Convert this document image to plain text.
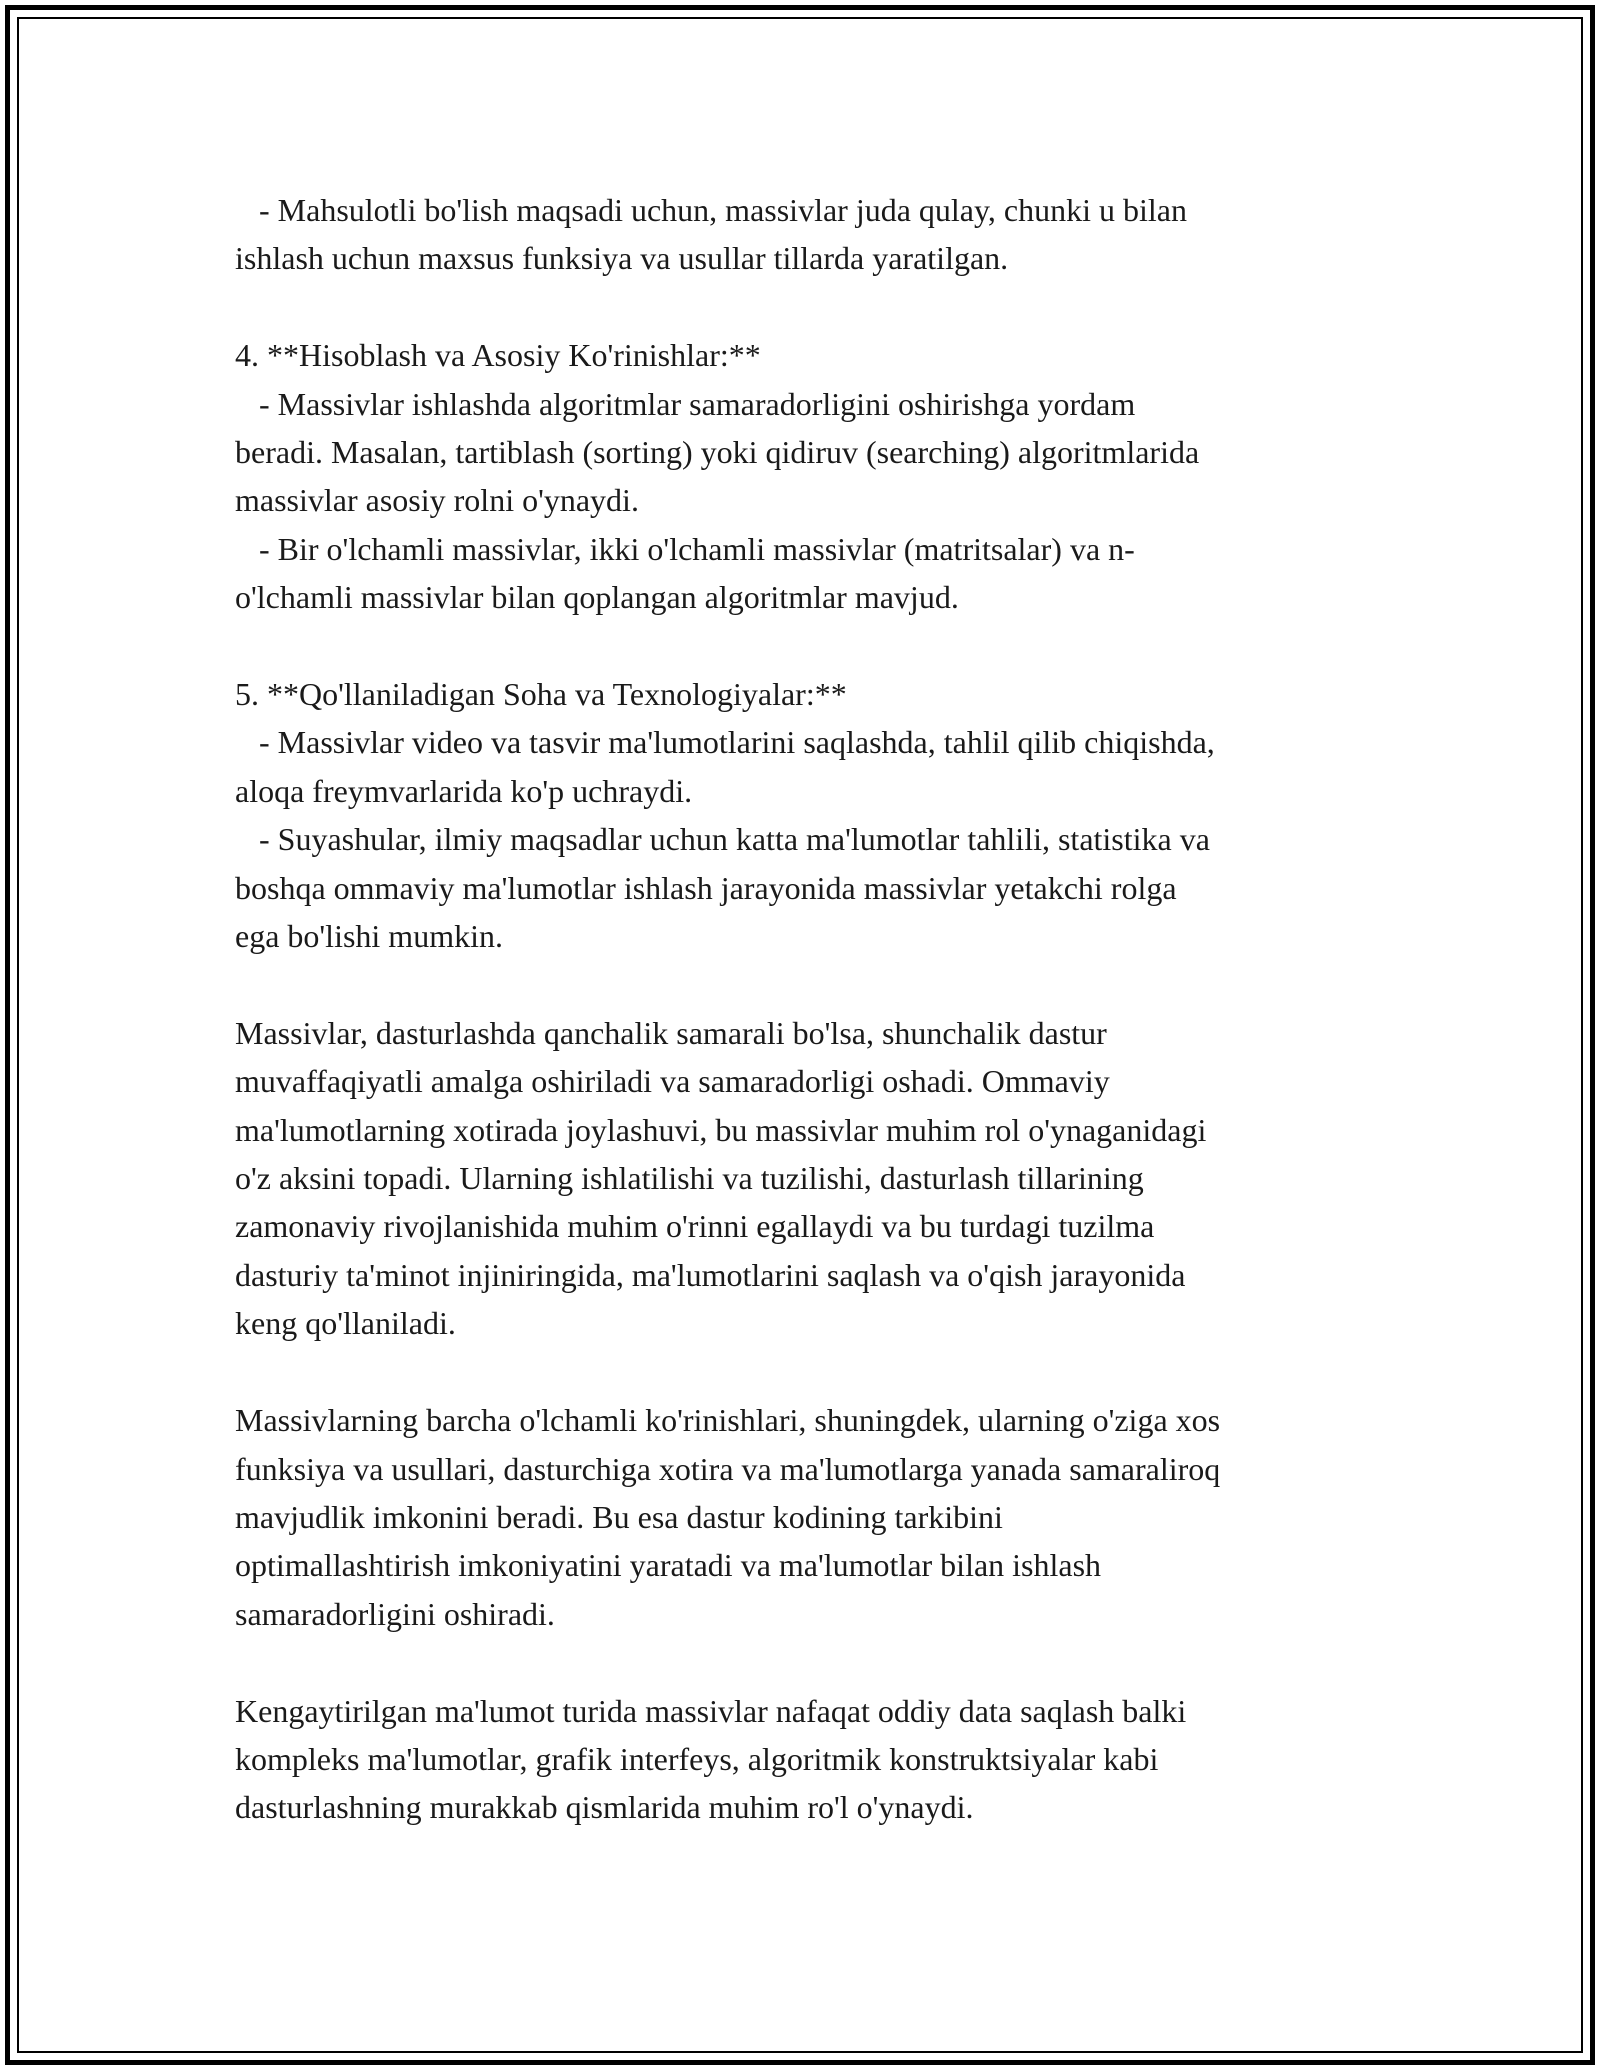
- Mahsulotli bo'lish maqsadi uchun, massivlar juda qulay, chunki u bilan
ishlash uchun maxsus funksiya va usullar tillarda yaratilgan.
4. **Hisoblash va Asosiy Ko'rinishlar:**
- Massivlar ishlashda algoritmlar samaradorligini oshirishga yordam
beradi. Masalan, tartiblash (sorting) yoki qidiruv (searching) algoritmlarida
massivlar asosiy rolni o'ynaydi.
- Bir o'lchamli massivlar, ikki o'lchamli massivlar (matritsalar) va n-
o'lchamli massivlar bilan qoplangan algoritmlar mavjud.
5. **Qo'llaniladigan Soha va Texnologiyalar:**
- Massivlar video va tasvir ma'lumotlarini saqlashda, tahlil qilib chiqishda,
aloqa freymvarlarida ko'p uchraydi.
- Suyashular, ilmiy maqsadlar uchun katta ma'lumotlar tahlili, statistika va
boshqa ommaviy ma'lumotlar ishlash jarayonida massivlar yetakchi rolga
ega bo'lishi mumkin.
Massivlar, dasturlashda qanchalik samarali bo'lsa, shunchalik dastur
muvaffaqiyatli amalga oshiriladi va samaradorligi oshadi. Ommaviy
ma'lumotlarning xotirada joylashuvi, bu massivlar muhim rol o'ynaganidagi
o'z aksini topadi. Ularning ishlatilishi va tuzilishi, dasturlash tillarining
zamonaviy rivojlanishida muhim o'rinni egallaydi va bu turdagi tuzilma
dasturiy ta'minot injiniringida, ma'lumotlarini saqlash va o'qish jarayonida
keng qo'llaniladi.
Massivlarning barcha o'lchamli ko'rinishlari, shuningdek, ularning o'ziga xos
funksiya va usullari, dasturchiga xotira va ma'lumotlarga yanada samaraliroq
mavjudlik imkonini beradi. Bu esa dastur kodining tarkibini
optimallashtirish imkoniyatini yaratadi va ma'lumotlar bilan ishlash
samaradorligini oshiradi.
Kengaytirilgan ma'lumot turida massivlar nafaqat oddiy data saqlash balki
kompleks ma'lumotlar, grafik interfeys, algoritmik konstruktsiyalar kabi
dasturlashning murakkab qismlarida muhim ro'l o'ynaydi.
